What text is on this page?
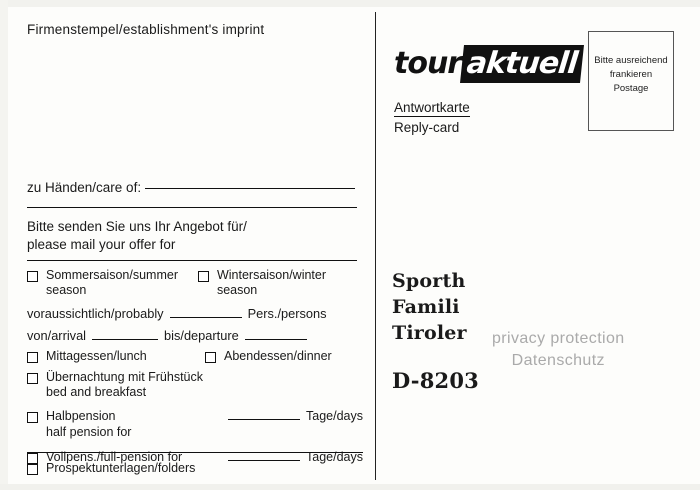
Firmenstempel/establishment's imprint
zu Händen/care of:
Bitte senden Sie uns Ihr Angebot für/
please mail your offer for
Sommersaison/summer season
Wintersaison/winter season
voraussichtlich/probably	Pers./persons
von/arrival	bis/departure
Mittagessen/lunch	Abendessen/dinner
Übernachtung mit Frühstück
bed and breakfast
Halbpension	Tage/days
half pension for
Vollpens./full-pension for	Tage/days
Prospektunterlagen/folders
tour aktuell
Antwortkarte
Reply-card
Bitte ausreichend
frankieren
Postage
Sporth
Famili
Tiroler
D-8203
privacy protection
Datenschutz
